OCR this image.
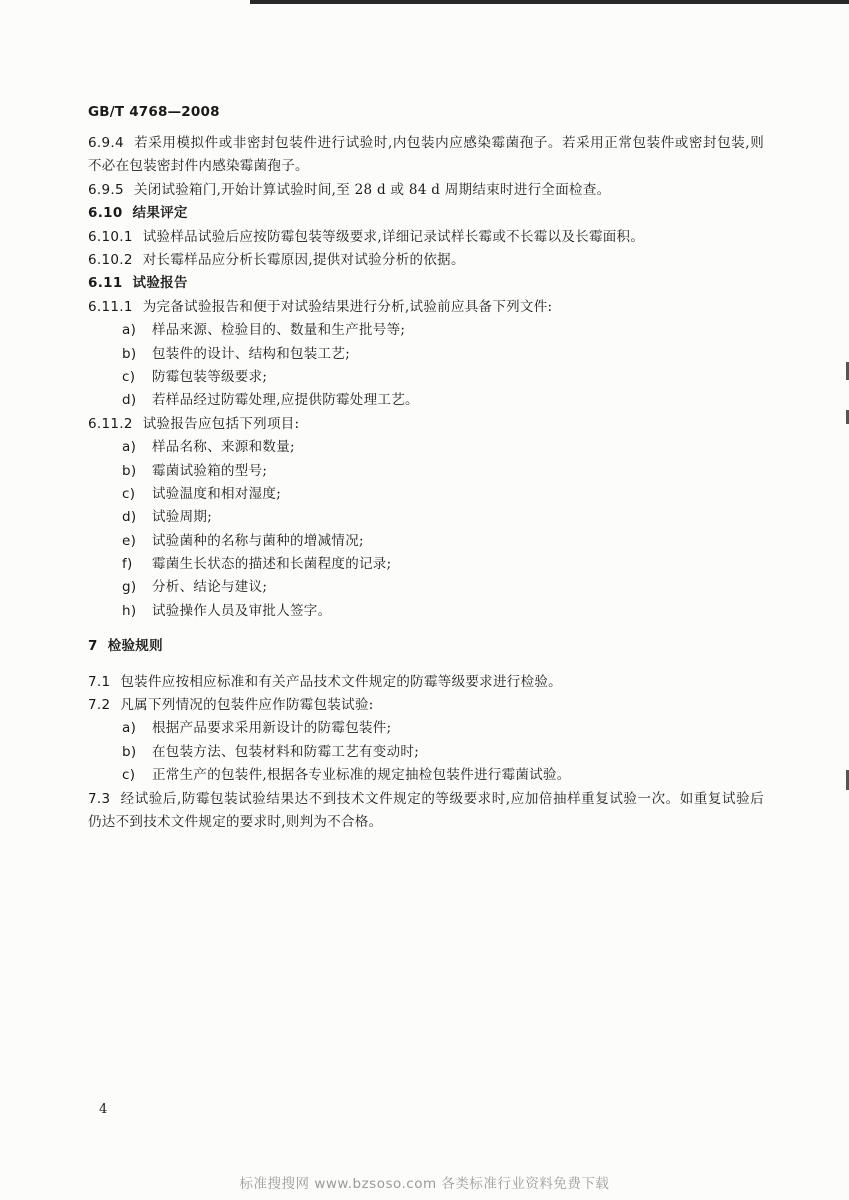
GB/T 4768—2008
6.9.4 若采用模拟件或非密封包装件进行试验时,内包装内应感染霉菌孢子。若采用正常包装件或密封包装,则不必在包装密封件内感染霉菌孢子。
6.9.5 关闭试验箱门,开始计算试验时间,至 28 d 或 84 d 周期结束时进行全面检查。
6.10 结果评定
6.10.1 试验样品试验后应按防霉包装等级要求,详细记录试样长霉或不长霉以及长霉面积。
6.10.2 对长霉样品应分析长霉原因,提供对试验分析的依据。
6.11 试验报告
6.11.1 为完备试验报告和便于对试验结果进行分析,试验前应具备下列文件:
a) 样品来源、检验目的、数量和生产批号等;
b) 包装件的设计、结构和包装工艺;
c) 防霉包装等级要求;
d) 若样品经过防霉处理,应提供防霉处理工艺。
6.11.2 试验报告应包括下列项目:
a) 样品名称、来源和数量;
b) 霉菌试验箱的型号;
c) 试验温度和相对湿度;
d) 试验周期;
e) 试验菌种的名称与菌种的增减情况;
f) 霉菌生长状态的描述和长菌程度的记录;
g) 分析、结论与建议;
h) 试验操作人员及审批人签字。
7 检验规则
7.1 包装件应按相应标准和有关产品技术文件规定的防霉等级要求进行检验。
7.2 凡属下列情况的包装件应作防霉包装试验:
a) 根据产品要求采用新设计的防霉包装件;
b) 在包装方法、包装材料和防霉工艺有变动时;
c) 正常生产的包装件,根据各专业标准的规定抽检包装件进行霉菌试验。
7.3 经试验后,防霉包装试验结果达不到技术文件规定的等级要求时,应加倍抽样重复试验一次。如重复试验后仍达不到技术文件规定的要求时,则判为不合格。
4
标准搜搜网 www.bzsoso.com 各类标准行业资料免费下载
